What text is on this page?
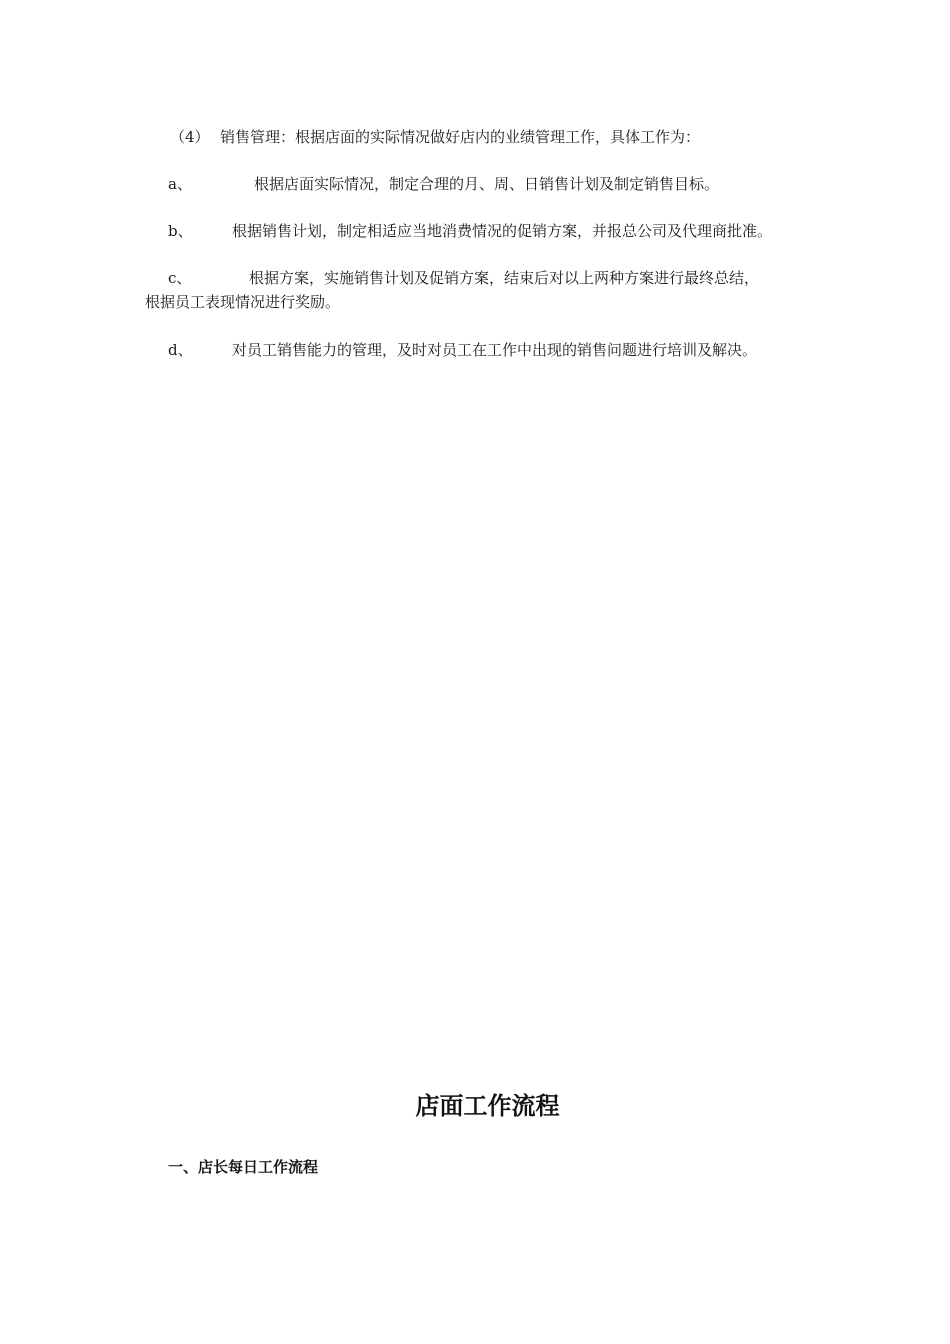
（4） 销售管理：根据店面的实际情况做好店内的业绩管理工作，具体工作为：
a、	根据店面实际情况，制定合理的月、周、日销售计划及制定销售目标。
b、	根据销售计划，制定相适应当地消费情况的促销方案，并报总公司及代理商批准。
c、	根据方案，实施销售计划及促销方案，结束后对以上两种方案进行最终总结，
根据员工表现情况进行奖励。
d、	对员工销售能力的管理，及时对员工在工作中出现的销售问题进行培训及解决。
店面工作流程
一、店长每日工作流程
